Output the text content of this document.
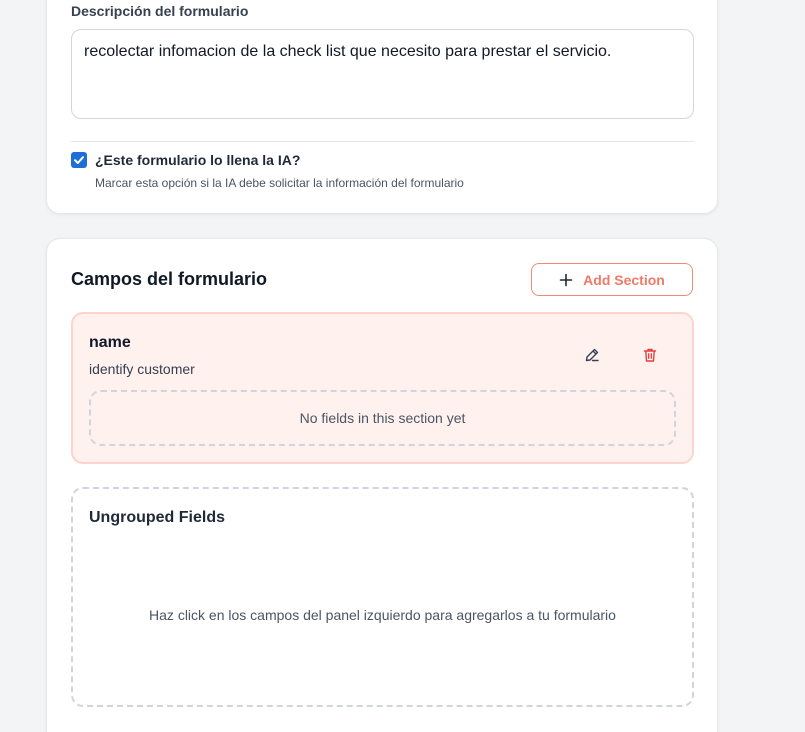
Descripción del formulario
recolectar infomacion de la check list que necesito para prestar el servicio.
¿Este formulario lo llena la IA?
Marcar esta opción si la IA debe solicitar la información del formulario
Campos del formulario	Add Section
name
identify customer
No fields in this section yet
Ungrouped Fields
Haz click en los campos del panel izquierdo para agregarlos a tu formulario
